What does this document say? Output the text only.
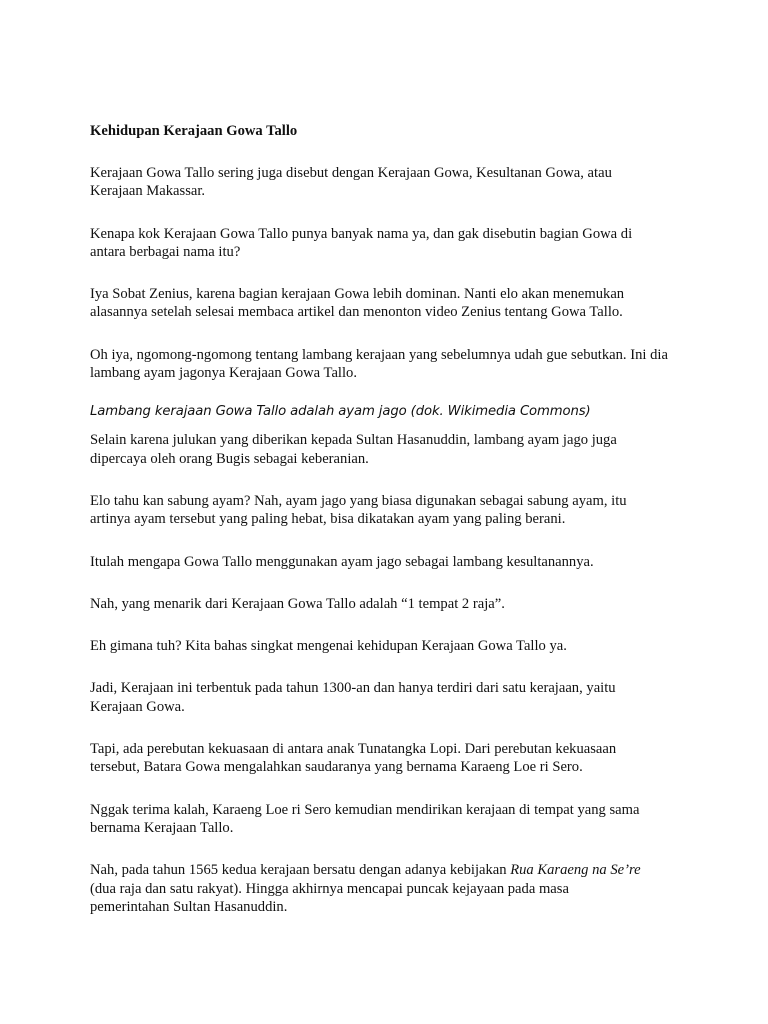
Kehidupan Kerajaan Gowa Tallo

Kerajaan Gowa Tallo sering juga disebut dengan Kerajaan Gowa, Kesultanan Gowa, atau Kerajaan Makassar.

Kenapa kok Kerajaan Gowa Tallo punya banyak nama ya, dan gak disebutin bagian Gowa di antara berbagai nama itu?

Iya Sobat Zenius, karena bagian kerajaan Gowa lebih dominan. Nanti elo akan menemukan alasannya setelah selesai membaca artikel dan menonton video Zenius tentang Gowa Tallo.

Oh iya, ngomong-ngomong tentang lambang kerajaan yang sebelumnya udah gue sebutkan. Ini dia lambang ayam jagonya Kerajaan Gowa Tallo.

Lambang kerajaan Gowa Tallo adalah ayam jago (dok. Wikimedia Commons)

Selain karena julukan yang diberikan kepada Sultan Hasanuddin, lambang ayam jago juga dipercaya oleh orang Bugis sebagai keberanian.

Elo tahu kan sabung ayam? Nah, ayam jago yang biasa digunakan sebagai sabung ayam, itu artinya ayam tersebut yang paling hebat, bisa dikatakan ayam yang paling berani.

Itulah mengapa Gowa Tallo menggunakan ayam jago sebagai lambang kesultanannya.

Nah, yang menarik dari Kerajaan Gowa Tallo adalah “1 tempat 2 raja”.

Eh gimana tuh? Kita bahas singkat mengenai kehidupan Kerajaan Gowa Tallo ya.

Jadi, Kerajaan ini terbentuk pada tahun 1300-an dan hanya terdiri dari satu kerajaan, yaitu Kerajaan Gowa.

Tapi, ada perebutan kekuasaan di antara anak Tunatangka Lopi. Dari perebutan kekuasaan tersebut, Batara Gowa mengalahkan saudaranya yang bernama Karaeng Loe ri Sero.

Nggak terima kalah, Karaeng Loe ri Sero kemudian mendirikan kerajaan di tempat yang sama bernama Kerajaan Tallo.

Nah, pada tahun 1565 kedua kerajaan bersatu dengan adanya kebijakan Rua Karaeng na Se’re (dua raja dan satu rakyat). Hingga akhirnya mencapai puncak kejayaan pada masa pemerintahan Sultan Hasanuddin.
